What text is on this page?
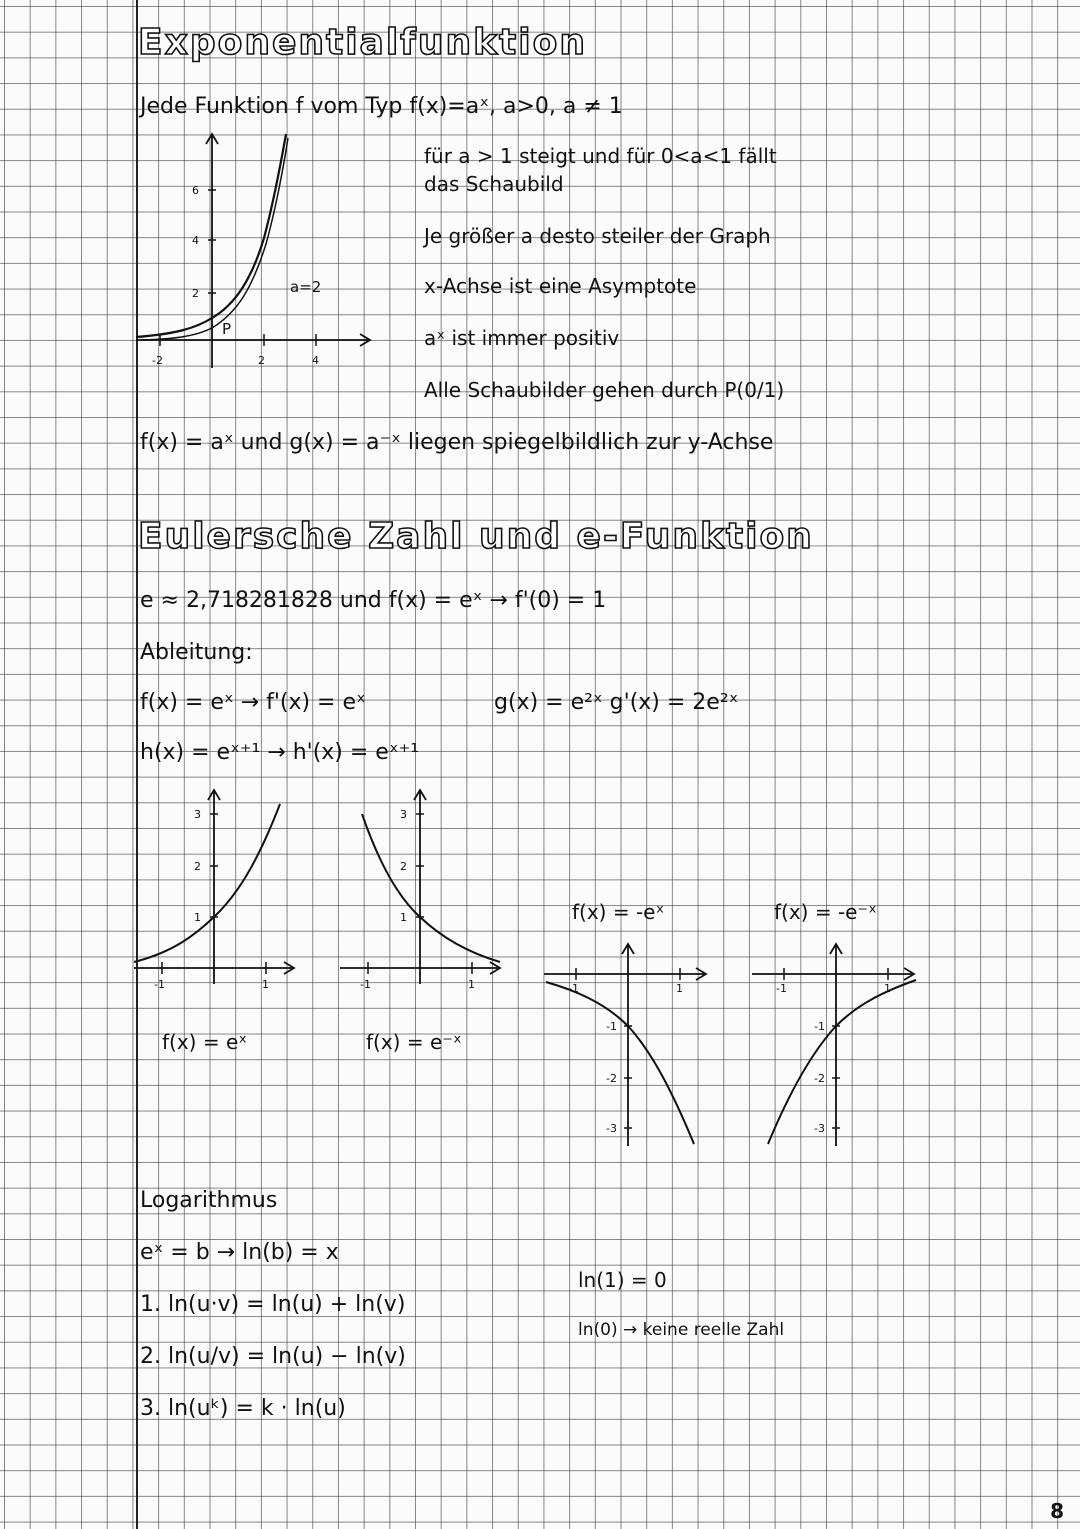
Exponentialfunktion
Jede Funktion f vom Typ f(x)=aˣ, a>0, a ≠ 1
für a > 1 steigt und für 0<a<1 fällt
das Schaubild
Je größer a desto steiler der Graph
x-Achse ist eine Asymptote
aˣ ist immer positiv
Alle Schaubilder gehen durch P(0/1)
f(x) = aˣ und g(x) = a⁻ˣ liegen spiegelbildlich zur y-Achse
6
4
2
-2	2	4
P
a=2
Eulersche Zahl und e-Funktion
e ≈ 2,718281828 und f(x) = eˣ → f'(0) = 1
Ableitung:
f(x) = eˣ → f'(x) = eˣ	g(x) = e²ˣ g'(x) = 2e²ˣ
h(x) = eˣ⁺¹ → h'(x) = eˣ⁺¹
3
2
1
-1	1
f(x) = eˣ
3
2
1
-1	1
f(x) = e⁻ˣ
f(x) = -eˣ
-1
-2
-3
-1	1
f(x) = -e⁻ˣ
-1
-2
-3
-1	1
Logarithmus
eˣ = b → ln(b) = x
1. ln(u·v) = ln(u) + ln(v)
2. ln(u/v) = ln(u) − ln(v)
3. ln(uᵏ) = k · ln(u)
ln(1) = 0
ln(0) → keine reelle Zahl
8
